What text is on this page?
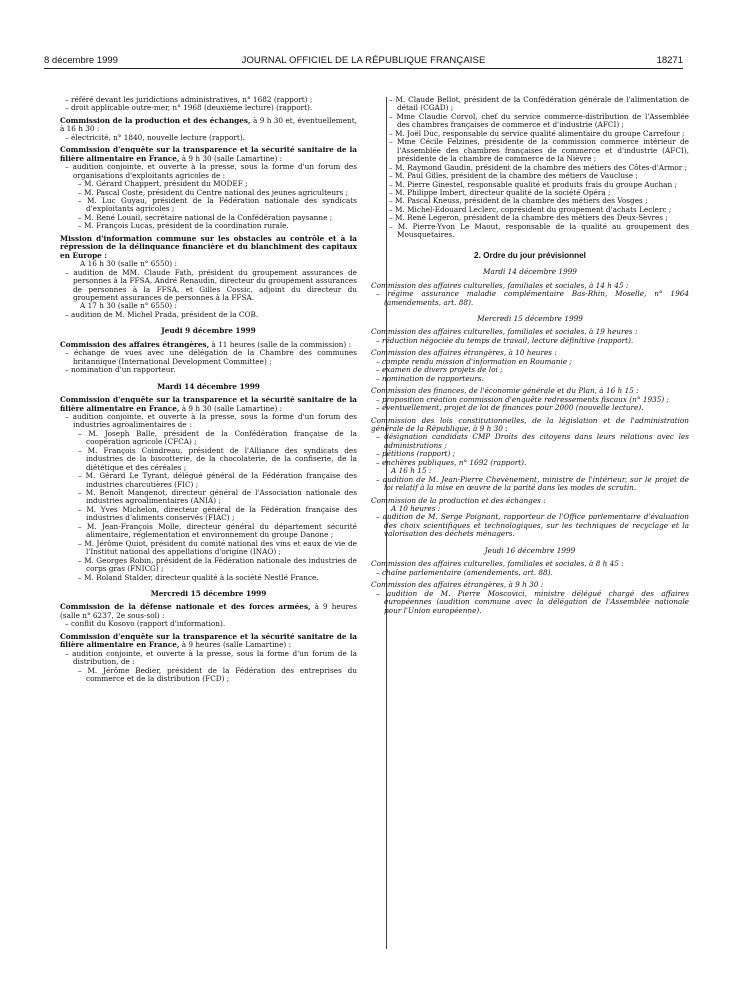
8 décembre 1999	JOURNAL OFFICIEL DE LA RÉPUBLIQUE FRANÇAISE	18271

– référé devant les juridictions administratives, n° 1682 (rapport) ;

– droit applicable outre-mer, n° 1968 (deuxième lecture) (rapport).

Commission de la production et des échanges, à 9 h 30 et, éventuellement, à 16 h 30 :

– électricité, n° 1840, nouvelle lecture (rapport).

Commission d'enquête sur la transparence et la sécurité sanitaire de la filière alimentaire en France, à 9 h 30 (salle Lamartine) :

– audition conjointe, et ouverte à la presse, sous la forme d'un forum des organisations d'exploitants agricoles de :

– M. Gérard Chappert, président du MODEF ;

– M. Pascal Coste, président du Centre national des jeunes agriculteurs ;

– M. Luc Guyau, président de la Fédération nationale des syndicats d'exploitants agricoles ;

– M. René Louail, secrétaire national de la Confédération paysanne ;

– M. François Lucas, président de la coordination rurale.

Mission d'information commune sur les obstacles au contrôle et à la répression de la délinquance financière et du blanchiment des capitaux en Europe :

A 16 h 30 (salle n° 6550) :

– audition de MM. Claude Fath, président du groupement assurances de personnes à la FFSA, André Renaudin, directeur du groupement assurances de personnes à la FFSA, et Gilles Cossic, adjoint du directeur du groupement assurances de personnes à la FFSA.

A 17 h 30 (salle n° 6550) :

– audition de M. Michel Prada, président de la COB.

Jeudi 9 décembre 1999

Commission des affaires étrangères, à 11 heures (salle de la commission) :

– échange de vues avec une délégation de la Chambre des communes britannique (International Development Committee) ;

– nomination d'un rapporteur.

Mardi 14 décembre 1999

Commission d'enquête sur la transparence et la sécurité sanitaire de la filière alimentaire en France, à 9 h 30 (salle Lamartine) :

– audition conjointe, et ouverte à la presse, sous la forme d'un forum des industries agroalimentaires de :

– M. Joseph Balle, président de la Confédération française de la coopération agricole (CFCA) ;

– M. François Coindreau, président de l'Alliance des syndicats des industries de la biscotterie, de la chocolaterie, de la confiserie, de la diététique et des céréales ;

– M. Gérard Le Tyrant, délégué général de la Fédération française des industries charcutières (FIC) ;

– M. Benoît Mangenot, directeur général de l'Association nationale des industries agroalimentaires (ANIA) ;

– M. Yves Michelon, directeur général de la Fédération française des industries d'aliments conservés (FIAC) ;

– M. Jean-François Molle, directeur général du département sécurité alimentaire, réglementation et environnement du groupe Danone ;

– M. Jérôme Quiot, président du comité national des vins et eaux de vie de l'Institut national des appellations d'origine (INAO) ;

– M. Georges Robin, président de la Fédération nationale des industries de corps gras (FNICG) ;

– M. Roland Stalder, directeur qualité à la société Nestlé France.

Mercredi 15 décembre 1999

Commission de la défense nationale et des forces armées, à 9 heures (salle n° 6237, 2e sous-sol) :

– conflit du Kosovo (rapport d'information).

Commission d'enquête sur la transparence et la sécurité sanitaire de la filière alimentaire en France, à 9 heures (salle Lamartine) :

– audition conjointe, et ouverte à la presse, sous la forme d'un forum de la distribution, de :

– M. Jérôme Bedier, président de la Fédération des entreprises du commerce et de la distribution (FCD) ;

– M. Claude Bellot, président de la Confédération générale de l'alimentation de détail (CGAD) ;

– Mme Claudie Corvol, chef du service commerce-distribution de l'Assemblée des chambres françaises de commerce et d'industrie (AFCI) ;

– M. Joël Duc, responsable du service qualité alimentaire du groupe Carrefour ;

– Mme Cécile Felzines, présidente de la commission commerce intérieur de l'Assemblée des chambres françaises de commerce et d'industrie (AFCI), présidente de la chambre de commerce de la Nièvre ;

– M. Raymond Gaudin, président de la chambre des métiers des Côtes-d'Armor ;

– M. Paul Gilles, président de la chambre des métiers de Vaucluse ;

– M. Pierre Ginestel, responsable qualité et produits frais du groupe Auchan ;

– M. Philippe Imbert, directeur qualité de la société Opéra ;

– M. Pascal Kneuss, président de la chambre des métiers des Vosges ;

– M. Michel-Edouard Leclerc, coprésident du groupement d'achats Leclerc ;

– M. René Legeron, président de la chambre des métiers des Deux-Sèvres ;

– M. Pierre-Yvon Le Maout, responsable de la qualité au groupement des Mousquetaires.

2. Ordre du jour prévisionnel

Mardi 14 décembre 1999

Commission des affaires culturelles, familiales et sociales, à 14 h 45 :

– régime assurance maladie complémentaire Bas-Rhin, Moselle, n° 1964 (amendements, art. 88).

Mercredi 15 décembre 1999

Commission des affaires culturelles, familiales et sociales, à 19 heures :

– réduction négociée du temps de travail, lecture définitive (rapport).

Commission des affaires étrangères, à 10 heures :

– compte rendu mission d'information en Roumanie ;

– examen de divers projets de loi ;

– nomination de rapporteurs.

Commission des finances, de l'économie générale et du Plan, à 16 h 15 :

– proposition création commission d'enquête redressements fiscaux (n° 1935) ;

– éventuellement, projet de loi de finances pour 2000 (nouvelle lecture).

Commission des lois constitutionnelles, de la législation et de l'administration générale de la République, à 9 h 30 :

– désignation candidats CMP Droits des citoyens dans leurs relations avec les administrations ;

– pétitions (rapport) ;

– enchères publiques, n° 1692 (rapport).

A 16 h 15 :

– audition de M. Jean-Pierre Chevènement, ministre de l'intérieur, sur le projet de loi relatif à la mise en œuvre de la parité dans les modes de scrutin.

Commission de la production et des échanges :

A 10 heures :

– audition de M. Serge Poignant, rapporteur de l'Office parlementaire d'évaluation des choix scientifiques et technologiques, sur les techniques de recyclage et la valorisation des déchets ménagers.

Jeudi 16 décembre 1999

Commission des affaires culturelles, familiales et sociales, à 8 h 45 :

– chaîne parlementaire (amendements, art. 88).

Commission des affaires étrangères, à 9 h 30 :

– audition de M. Pierre Moscovici, ministre délégué chargé des affaires européennes (audition commune avec la délégation de l'Assemblée nationale pour l'Union européenne).
